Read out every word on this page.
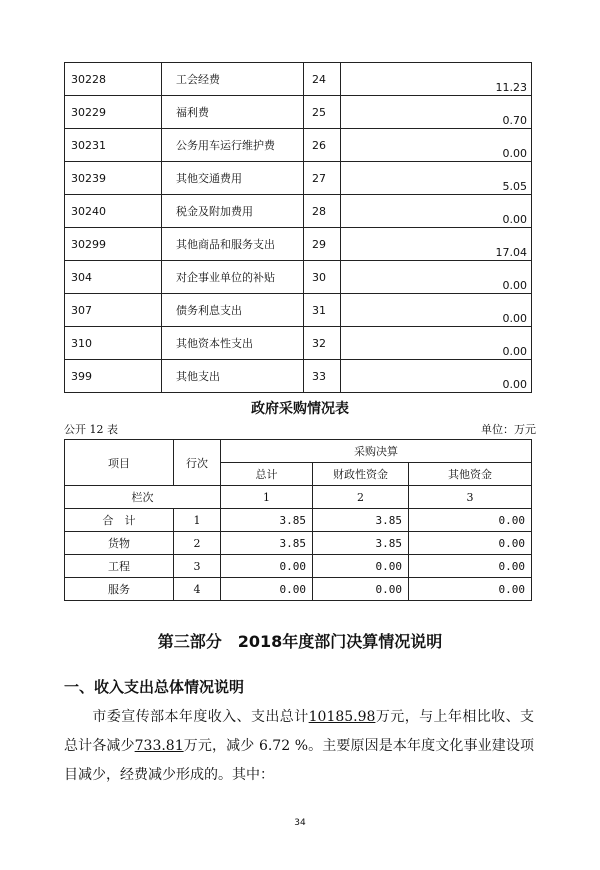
30228	工会经费	24	11.23
30229	福利费	25	0.70
30231	公务用车运行维护费	26	0.00
30239	其他交通费用	27	5.05
30240	税金及附加费用	28	0.00
30299	其他商品和服务支出	29	17.04
304	对企事业单位的补贴	30	0.00
307	债务利息支出	31	0.00
310	其他资本性支出	32	0.00
399	其他支出	33	0.00
政府采购情况表
公开 12 表	单位：万元
项目	行次	采购决算		
		总计	财政性资金	其他资金
栏次		1	2	3
合　计	1	3.85	3.85	0.00
货物	2	3.85	3.85	0.00
工程	3	0.00	0.00	0.00
服务	4	0.00	0.00	0.00
第三部分　2018年度部门决算情况说明
一、收入支出总体情况说明
市委宣传部本年度收入、支出总计10185.98万元，与上年相比收、支总计各减少733.81万元，减少 6.72 %。主要原因是本年度文化事业建设项目减少，经费减少形成的。其中：
34
